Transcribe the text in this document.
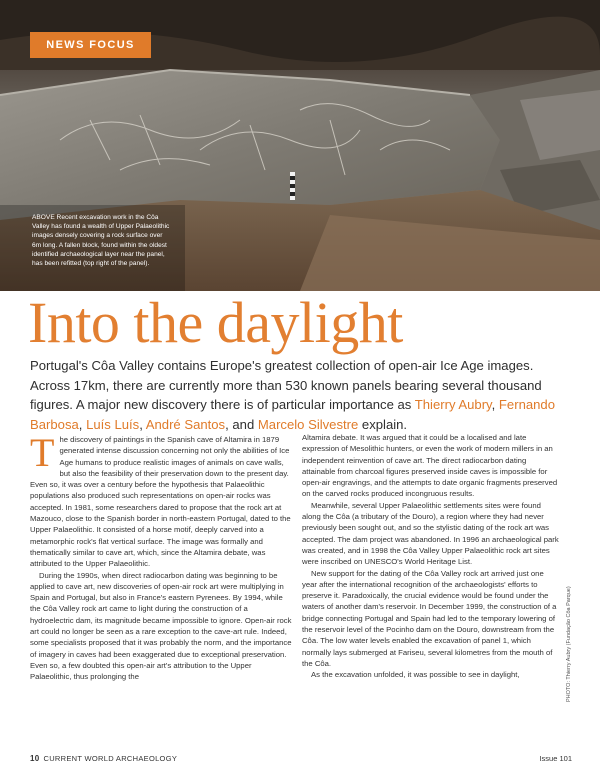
NEWS FOCUS
ABOVE Recent excavation work in the Côa Valley has found a wealth of Upper Palaeolithic images densely covering a rock surface over 6m long. A fallen block, found within the oldest identified archaeological layer near the panel, has been refitted (top right of the panel).
Into the daylight

Portugal's Côa Valley contains Europe's greatest collection of open-air Ice Age images. Across 17km, there are currently more than 530 known panels bearing several thousand figures. A major new discovery there is of particular importance as Thierry Aubry, Fernando Barbosa, Luís Luís, André Santos, and Marcelo Silvestre explain.

The discovery of paintings in the Spanish cave of Altamira in 1879 generated intense discussion concerning not only the abilities of Ice Age humans to produce realistic images of animals on cave walls, but also the feasibility of their preservation down to the present day. Even so, it was over a century before the hypothesis that Palaeolithic populations also produced such representations on open-air rocks was accepted. In 1981, some researchers dared to propose that the rock art at Mazouco, close to the Spanish border in north-eastern Portugal, dated to the Upper Palaeolithic. It consisted of a horse motif, deeply carved into a metamorphic rock's flat vertical surface. The image was formally and thematically similar to cave art, which, since the Altamira debate, was attributed to the Upper Palaeolithic.

During the 1990s, when direct radiocarbon dating was beginning to be applied to cave art, new discoveries of open-air rock art were multiplying in Spain and Portugal, but also in France's eastern Pyrenees. By 1994, while the Côa Valley rock art came to light during the construction of a hydroelectric dam, its magnitude became impossible to ignore. Open-air rock art could no longer be seen as a rare exception to the cave-art rule. Indeed, some specialists proposed that it was probably the norm, and the importance of imagery in caves had been exaggerated due to exceptional preservation. Even so, a few doubted this open-air art's attribution to the Upper Palaeolithic, thus prolonging the

Altamira debate. It was argued that it could be a localised and late expression of Mesolithic hunters, or even the work of modern millers in an independent reinvention of cave art. The direct radiocarbon dating attainable from charcoal figures preserved inside caves is impossible for open-air engravings, and the attempts to date organic fragments preserved on the carved rocks produced incongruous results.

Meanwhile, several Upper Palaeolithic settlements sites were found along the Côa (a tributary of the Douro), a region where they had never previously been sought out, and so the stylistic dating of the rock art was accepted. The dam project was abandoned. In 1996 an archaeological park was created, and in 1998 the Côa Valley Upper Palaeolithic rock art sites were inscribed on UNESCO's World Heritage List.

New support for the dating of the Côa Valley rock art arrived just one year after the international recognition of the archaeologists' efforts to preserve it. Paradoxically, the crucial evidence would be found under the waters of another dam's reservoir. In December 1999, the construction of a bridge connecting Portugal and Spain had led to the temporary lowering of the reservoir level of the Pocinho dam on the Douro, downstream from the Côa. The low water levels enabled the excavation of panel 1, which normally lays submerged at Fariseu, several kilometres from the mouth of the Côa.

As the excavation unfolded, it was possible to see in daylight,	PHOTO: Thierry Aubry (Fundação Côa Parque)
10 CURRENT WORLD ARCHAEOLOGY	Issue 101
